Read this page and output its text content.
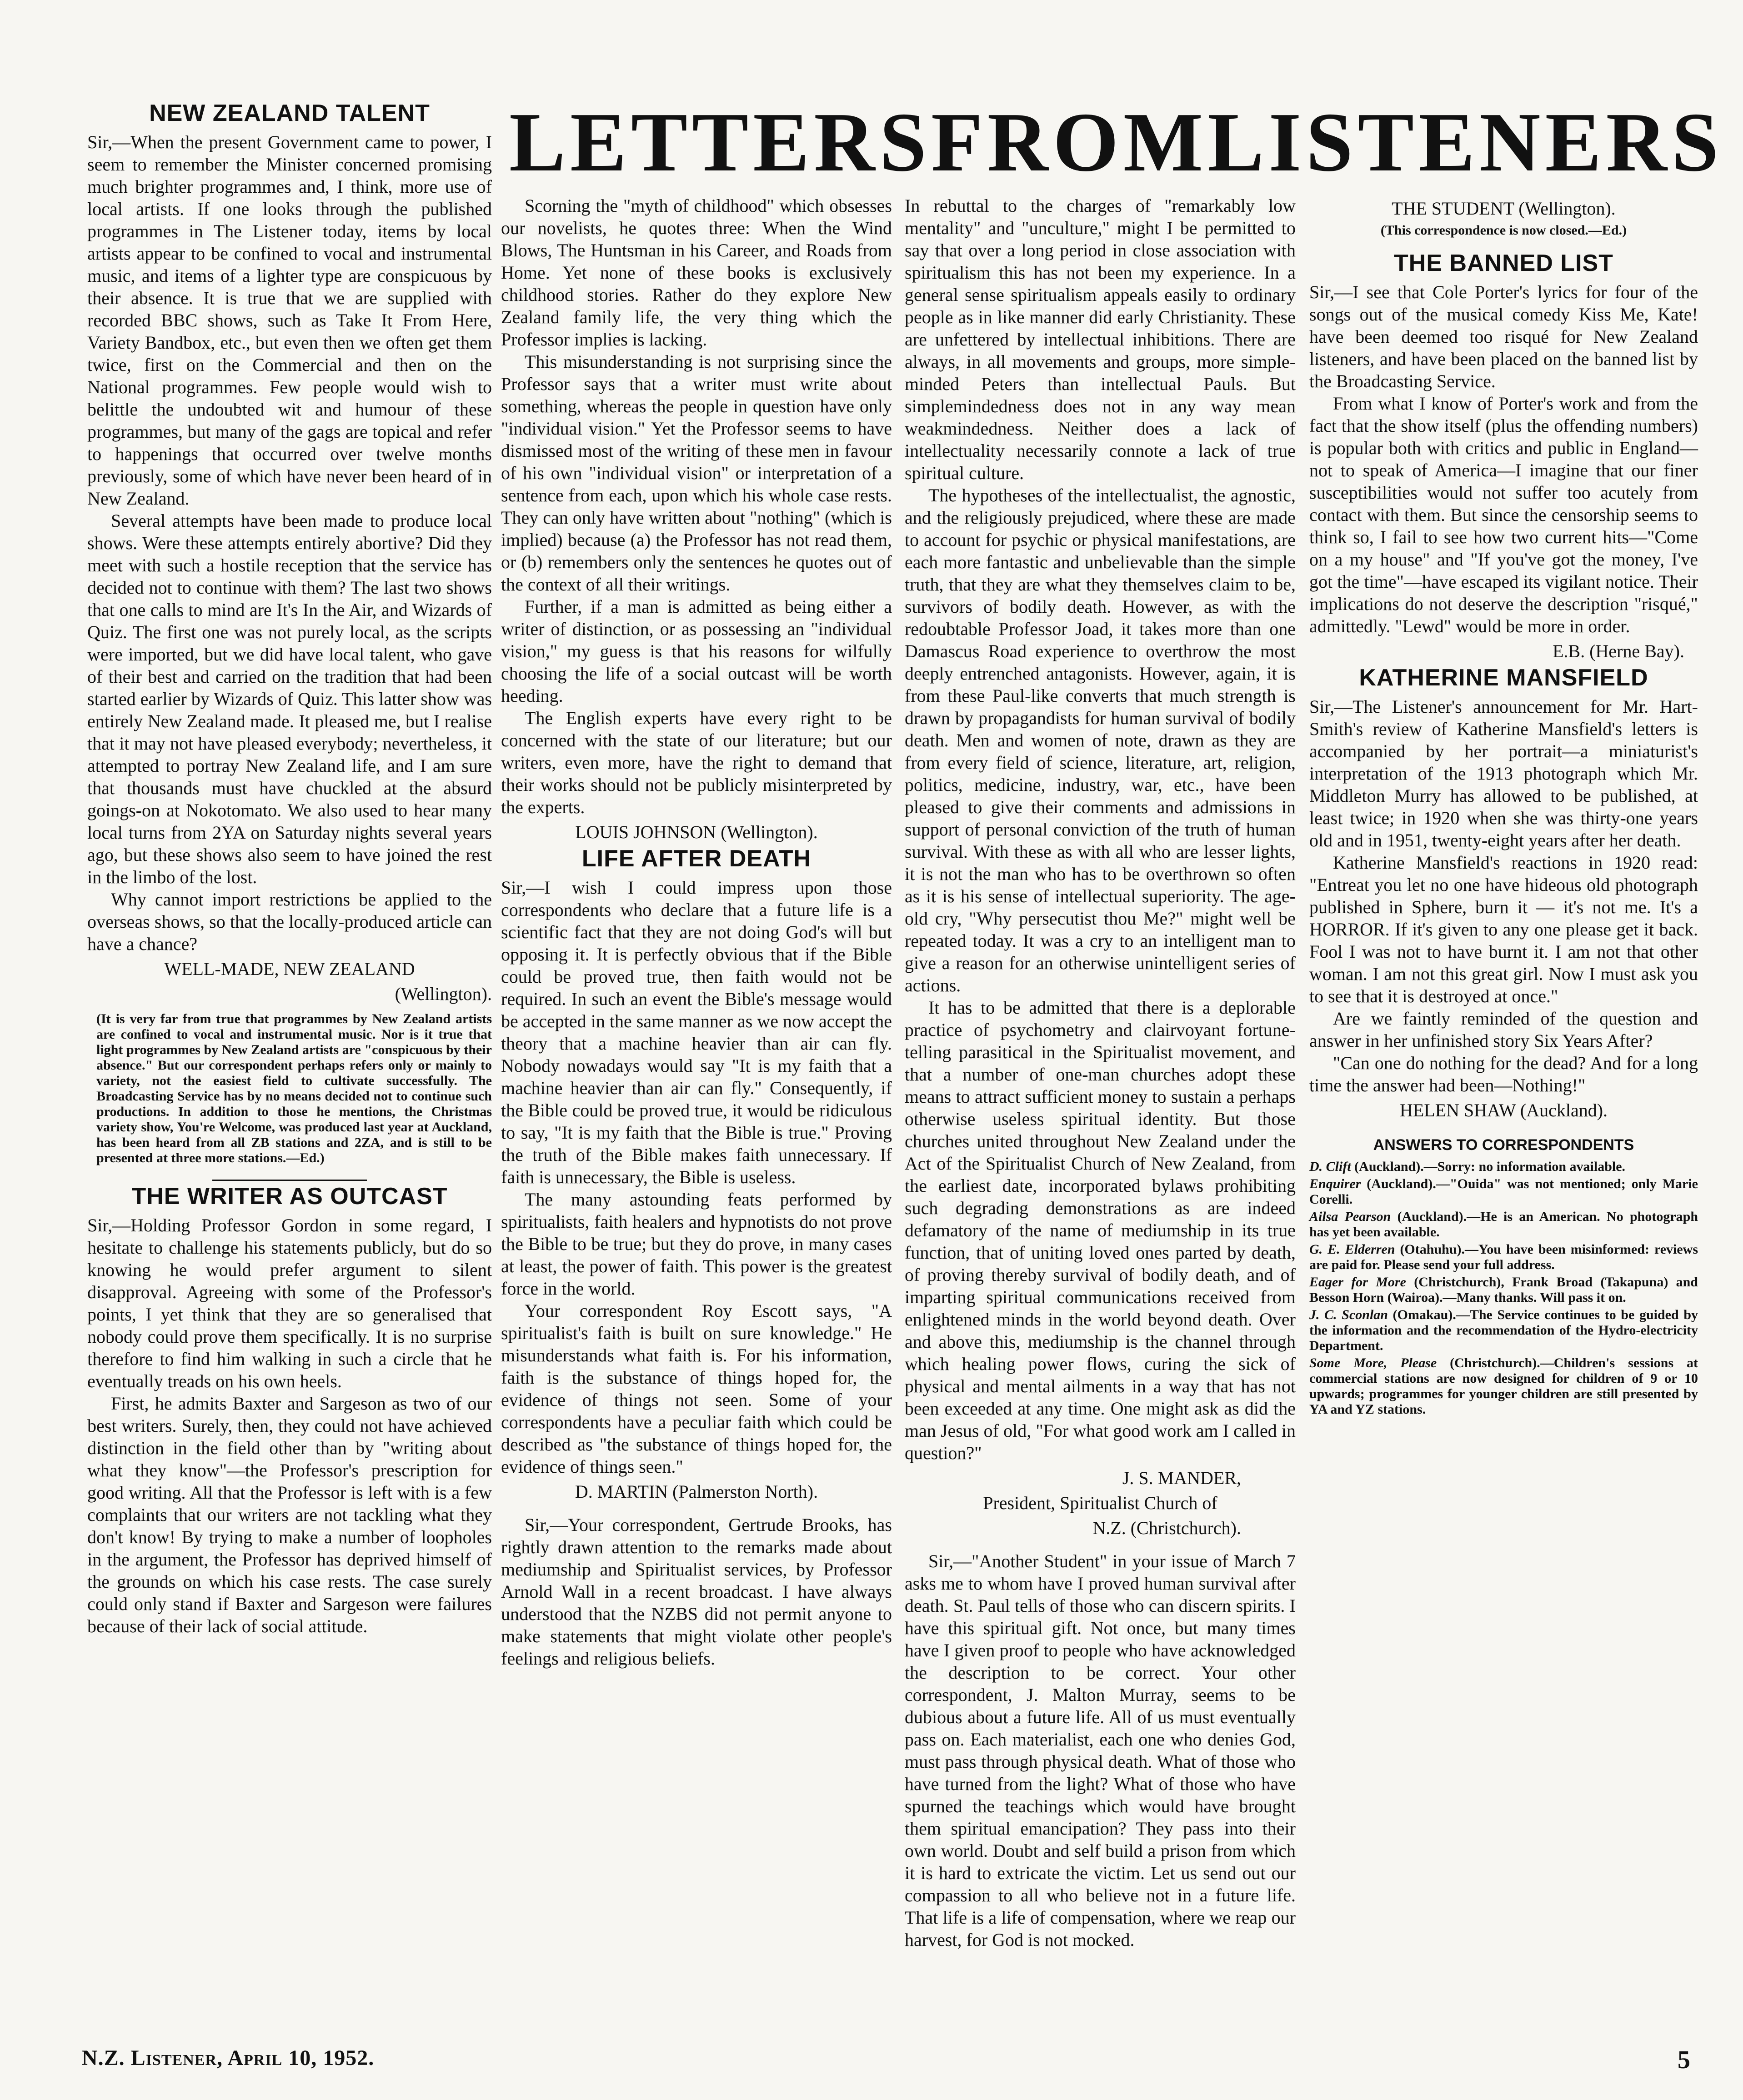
LETTERS FROM LISTENERS
NEW ZEALAND TALENT

Sir,—When the present Government came to power, I seem to remember the Minister concerned promising much brighter programmes and, I think, more use of local artists. If one looks through the published programmes in The Listener today, items by local artists appear to be confined to vocal and instrumental music, and items of a lighter type are conspicuous by their absence. It is true that we are supplied with recorded BBC shows, such as Take It From Here, Variety Bandbox, etc., but even then we often get them twice, first on the Commercial and then on the National programmes. Few people would wish to belittle the undoubted wit and humour of these programmes, but many of the gags are topical and refer to happenings that occurred over twelve months previously, some of which have never been heard of in New Zealand.

Several attempts have been made to produce local shows. Were these attempts entirely abortive? Did they meet with such a hostile reception that the service has decided not to continue with them? The last two shows that one calls to mind are It's In the Air, and Wizards of Quiz. The first one was not purely local, as the scripts were imported, but we did have local talent, who gave of their best and carried on the tradition that had been started earlier by Wizards of Quiz. This latter show was entirely New Zealand made. It pleased me, but I realise that it may not have pleased everybody; nevertheless, it attempted to portray New Zealand life, and I am sure that thousands must have chuckled at the absurd goings-on at Nokotomato. We also used to hear many local turns from 2YA on Saturday nights several years ago, but these shows also seem to have joined the rest in the limbo of the lost.

Why cannot import restrictions be applied to the overseas shows, so that the locally-produced article can have a chance?

WELL-MADE, NEW ZEALAND

(Wellington).

(It is very far from true that programmes by New Zealand artists are confined to vocal and instrumental music. Nor is it true that light programmes by New Zealand artists are "conspicuous by their absence." But our correspondent perhaps refers only or mainly to variety, not the easiest field to cultivate successfully. The Broadcasting Service has by no means decided not to continue such productions. In addition to those he mentions, the Christmas variety show, You're Welcome, was produced last year at Auckland, has been heard from all ZB stations and 2ZA, and is still to be presented at three more stations.—Ed.)

THE WRITER AS OUTCAST

Sir,—Holding Professor Gordon in some regard, I hesitate to challenge his statements publicly, but do so knowing he would prefer argument to silent disapproval. Agreeing with some of the Professor's points, I yet think that they are so generalised that nobody could prove them specifically. It is no surprise therefore to find him walking in such a circle that he eventually treads on his own heels.

First, he admits Baxter and Sargeson as two of our best writers. Surely, then, they could not have achieved distinction in the field other than by "writing about what they know"—the Professor's prescription for good writing. All that the Professor is left with is a few complaints that our writers are not tackling what they don't know! By trying to make a number of loopholes in the argument, the Professor has deprived himself of the grounds on which his case rests. The case surely could only stand if Baxter and Sargeson were failures because of their lack of social attitude.

Scorning the "myth of childhood" which obsesses our novelists, he quotes three: When the Wind Blows, The Huntsman in his Career, and Roads from Home. Yet none of these books is exclusively childhood stories. Rather do they explore New Zealand family life, the very thing which the Professor implies is lacking.

This misunderstanding is not surprising since the Professor says that a writer must write about something, whereas the people in question have only "individual vision." Yet the Professor seems to have dismissed most of the writing of these men in favour of his own "individual vision" or interpretation of a sentence from each, upon which his whole case rests. They can only have written about "nothing" (which is implied) because (a) the Professor has not read them, or (b) remembers only the sentences he quotes out of the context of all their writings.

Further, if a man is admitted as being either a writer of distinction, or as possessing an "individual vision," my guess is that his reasons for wilfully choosing the life of a social outcast will be worth heeding.

The English experts have every right to be concerned with the state of our literature; but our writers, even more, have the right to demand that their works should not be publicly misinterpreted by the experts.

LOUIS JOHNSON (Wellington).

LIFE AFTER DEATH

Sir,—I wish I could impress upon those correspondents who declare that a future life is a scientific fact that they are not doing God's will but opposing it. It is perfectly obvious that if the Bible could be proved true, then faith would not be required. In such an event the Bible's message would be accepted in the same manner as we now accept the theory that a machine heavier than air can fly. Nobody nowadays would say "It is my faith that a machine heavier than air can fly." Consequently, if the Bible could be proved true, it would be ridiculous to say, "It is my faith that the Bible is true." Proving the truth of the Bible makes faith unnecessary. If faith is unnecessary, the Bible is useless.

The many astounding feats performed by spiritualists, faith healers and hypnotists do not prove the Bible to be true; but they do prove, in many cases at least, the power of faith. This power is the greatest force in the world.

Your correspondent Roy Escott says, "A spiritualist's faith is built on sure knowledge." He misunderstands what faith is. For his information, faith is the substance of things hoped for, the evidence of things not seen. Some of your correspondents have a peculiar faith which could be described as "the substance of things hoped for, the evidence of things seen."

D. MARTIN (Palmerston North).

Sir,—Your correspondent, Gertrude Brooks, has rightly drawn attention to the remarks made about mediumship and Spiritualist services, by Professor Arnold Wall in a recent broadcast. I have always understood that the NZBS did not permit anyone to make statements that might violate other people's feelings and religious beliefs.

In rebuttal to the charges of "remarkably low mentality" and "unculture," might I be permitted to say that over a long period in close association with spiritualism this has not been my experience. In a general sense spiritualism appeals easily to ordinary people as in like manner did early Christianity. These are unfettered by intellectual inhibitions. There are always, in all movements and groups, more simple-minded Peters than intellectual Pauls. But simplemindedness does not in any way mean weakmindedness. Neither does a lack of intellectuality necessarily connote a lack of true spiritual culture.

The hypotheses of the intellectualist, the agnostic, and the religiously prejudiced, where these are made to account for psychic or physical manifestations, are each more fantastic and unbelievable than the simple truth, that they are what they themselves claim to be, survivors of bodily death. However, as with the redoubtable Professor Joad, it takes more than one Damascus Road experience to overthrow the most deeply entrenched antagonists. However, again, it is from these Paul-like converts that much strength is drawn by propagandists for human survival of bodily death. Men and women of note, drawn as they are from every field of science, literature, art, religion, politics, medicine, industry, war, etc., have been pleased to give their comments and admissions in support of personal conviction of the truth of human survival. With these as with all who are lesser lights, it is not the man who has to be overthrown so often as it is his sense of intellectual superiority. The age-old cry, "Why persecutist thou Me?" might well be repeated today. It was a cry to an intelligent man to give a reason for an otherwise unintelligent series of actions.

It has to be admitted that there is a deplorable practice of psychometry and clairvoyant fortune-telling parasitical in the Spiritualist movement, and that a number of one-man churches adopt these means to attract sufficient money to sustain a perhaps otherwise useless spiritual identity. But those churches united throughout New Zealand under the Act of the Spiritualist Church of New Zealand, from the earliest date, incorporated bylaws prohibiting such degrading demonstrations as are indeed defamatory of the name of mediumship in its true function, that of uniting loved ones parted by death, of proving thereby survival of bodily death, and of imparting spiritual communications received from enlightened minds in the world beyond death. Over and above this, mediumship is the channel through which healing power flows, curing the sick of physical and mental ailments in a way that has not been exceeded at any time. One might ask as did the man Jesus of old, "For what good work am I called in question?"

J. S. MANDER,

President, Spiritualist Church of

N.Z. (Christchurch).

Sir,—"Another Student" in your issue of March 7 asks me to whom have I proved human survival after death. St. Paul tells of those who can discern spirits. I have this spiritual gift. Not once, but many times have I given proof to people who have acknowledged the description to be correct. Your other correspondent, J. Malton Murray, seems to be dubious about a future life. All of us must eventually pass on. Each materialist, each one who denies God, must pass through physical death. What of those who have turned from the light? What of those who have spurned the teachings which would have brought them spiritual emancipation? They pass into their own world. Doubt and self build a prison from which it is hard to extricate the victim. Let us send out our compassion to all who believe not in a future life. That life is a life of compensation, where we reap our harvest, for God is not mocked.

THE STUDENT (Wellington).

(This correspondence is now closed.—Ed.)

THE BANNED LIST

Sir,—I see that Cole Porter's lyrics for four of the songs out of the musical comedy Kiss Me, Kate! have been deemed too risqué for New Zealand listeners, and have been placed on the banned list by the Broadcasting Service.

From what I know of Porter's work and from the fact that the show itself (plus the offending numbers) is popular both with critics and public in England—not to speak of America—I imagine that our finer susceptibilities would not suffer too acutely from contact with them. But since the censorship seems to think so, I fail to see how two current hits—"Come on a my house" and "If you've got the money, I've got the time"—have escaped its vigilant notice. Their implications do not deserve the description "risqué," admittedly. "Lewd" would be more in order.

E.B. (Herne Bay).

KATHERINE MANSFIELD

Sir,—The Listener's announcement for Mr. Hart-Smith's review of Katherine Mansfield's letters is accompanied by her portrait—a miniaturist's interpretation of the 1913 photograph which Mr. Middleton Murry has allowed to be published, at least twice; in 1920 when she was thirty-one years old and in 1951, twenty-eight years after her death.

Katherine Mansfield's reactions in 1920 read: "Entreat you let no one have hideous old photograph published in Sphere, burn it — it's not me. It's a HORROR. If it's given to any one please get it back. Fool I was not to have burnt it. I am not that other woman. I am not this great girl. Now I must ask you to see that it is destroyed at once."

Are we faintly reminded of the question and answer in her unfinished story Six Years After?

"Can one do nothing for the dead? And for a long time the answer had been—Nothing!"

HELEN SHAW (Auckland).

ANSWERS TO CORRESPONDENTS

D. Clift (Auckland).—Sorry: no information available.

Enquirer (Auckland).—"Ouida" was not mentioned; only Marie Corelli.

Ailsa Pearson (Auckland).—He is an American. No photograph has yet been available.

G. E. Elderren (Otahuhu).—You have been misinformed: reviews are paid for. Please send your full address.

Eager for More (Christchurch), Frank Broad (Takapuna) and Besson Horn (Wairoa).—Many thanks. Will pass it on.

J. C. Sconlan (Omakau).—The Service continues to be guided by the information and the recommendation of the Hydro-electricity Department.

Some More, Please (Christchurch).—Children's sessions at commercial stations are now designed for children of 9 or 10 upwards; programmes for younger children are still presented by YA and YZ stations.

N.Z. Listener, April 10, 1952.	5
